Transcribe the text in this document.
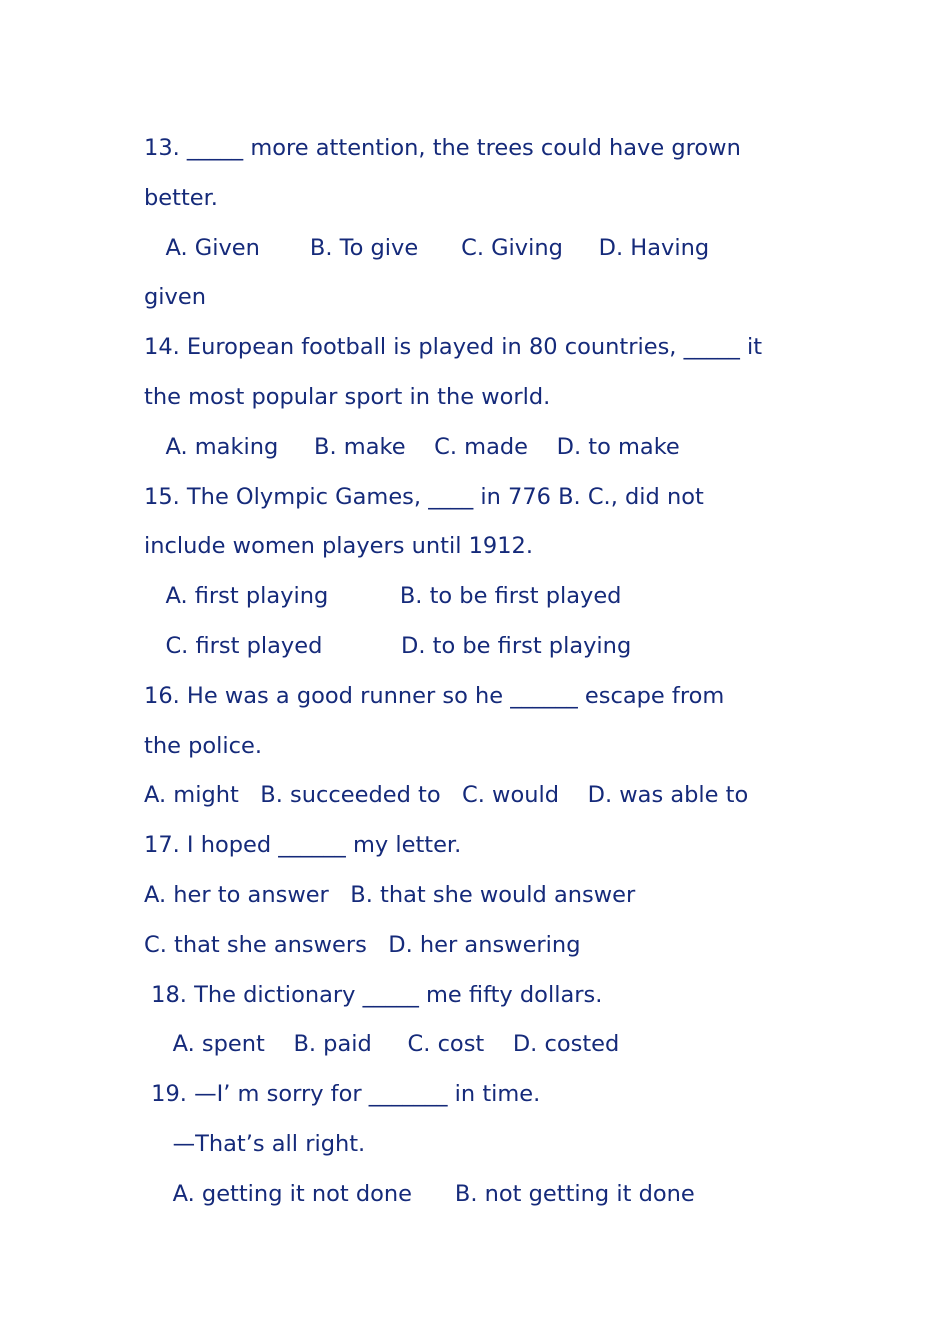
13. _____ more attention, the trees could have grown
better.
A. Given       B. To give      C. Giving     D. Having
given
14. European football is played in 80 countries, _____ it
the most popular sport in the world.
A. making     B. make    C. made    D. to make
15. The Olympic Games, ____ in 776 B. C., did not
include women players until 1912.
A. first playing          B. to be first played
C. first played           D. to be first playing
16. He was a good runner so he ______ escape from
the police.
A. might   B. succeeded to   C. would    D. was able to
17. I hoped ______ my letter.
A. her to answer   B. that she would answer
C. that she answers   D. her answering
18. The dictionary _____ me fifty dollars.
A. spent    B. paid     C. cost    D. costed
19. —I’ m sorry for _______ in time.
—That’s all right.
A. getting it not done      B. not getting it done
